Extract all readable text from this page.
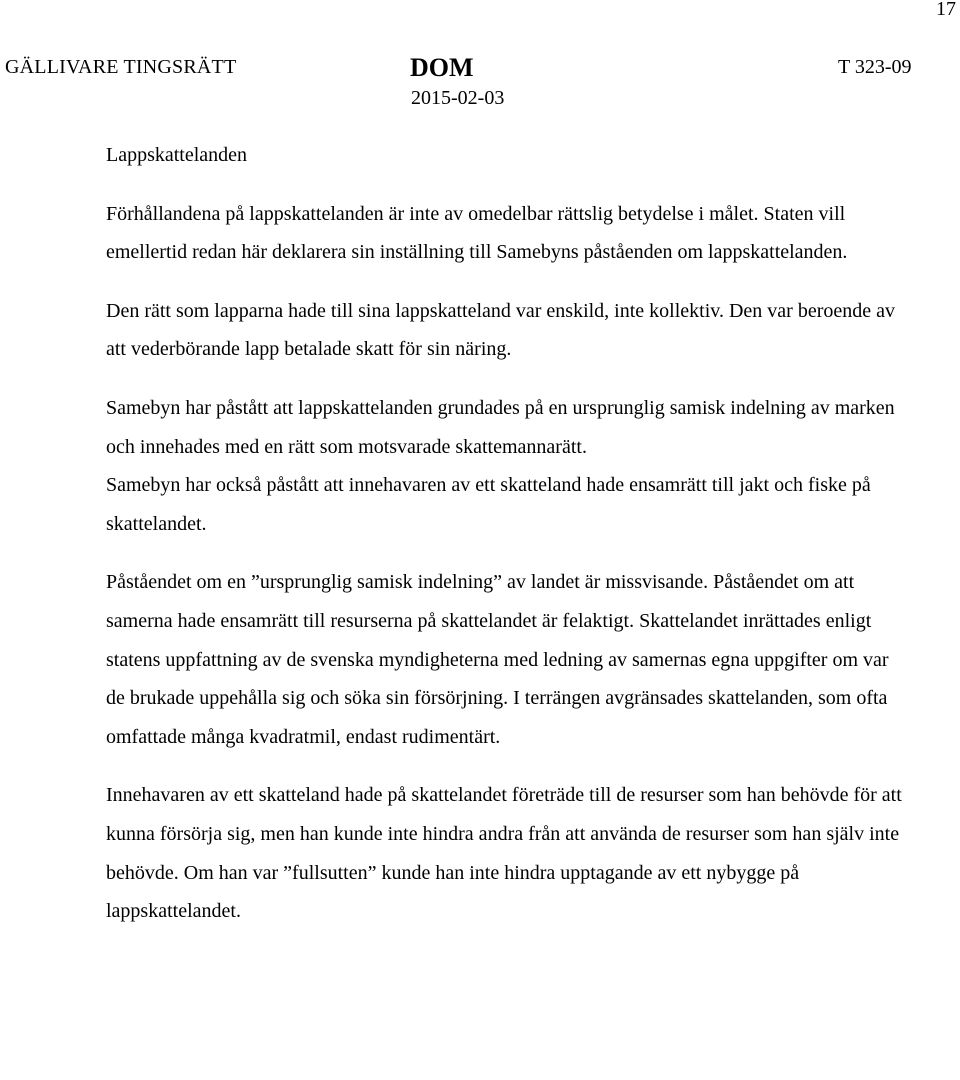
17
GÄLLIVARE TINGSRÄTT	DOM
2015-02-03
T 323-09
Lappskattelanden

Förhållandena på lappskattelanden är inte av omedelbar rättslig betydelse i målet. Staten vill emellertid redan här deklarera sin inställning till Samebyns påståenden om lappskattelanden.

Den rätt som lapparna hade till sina lappskatteland var enskild, inte kollektiv. Den var beroende av att vederbörande lapp betalade skatt för sin näring.

Samebyn har påstått att lappskattelanden grundades på en ursprunglig samisk indelning av marken och innehades med en rätt som motsvarade skattemannarätt.

Samebyn har också påstått att innehavaren av ett skatteland hade ensamrätt till jakt och fiske på skattelandet.

Påståendet om en ”ursprunglig samisk indelning” av landet är missvisande. Påståendet om att samerna hade ensamrätt till resurserna på skattelandet är felaktigt. Skattelandet inrättades enligt statens uppfattning av de svenska myndigheterna med ledning av samernas egna uppgifter om var de brukade uppehålla sig och söka sin försörjning. I terrängen avgränsades skattelanden, som ofta omfattade många kvadratmil, endast rudimentärt.

Innehavaren av ett skatteland hade på skattelandet företräde till de resurser som han behövde för att kunna försörja sig, men han kunde inte hindra andra från att använda de resurser som han själv inte behövde. Om han var ”fullsutten” kunde han inte hindra upptagande av ett nybygge på lappskattelandet.
